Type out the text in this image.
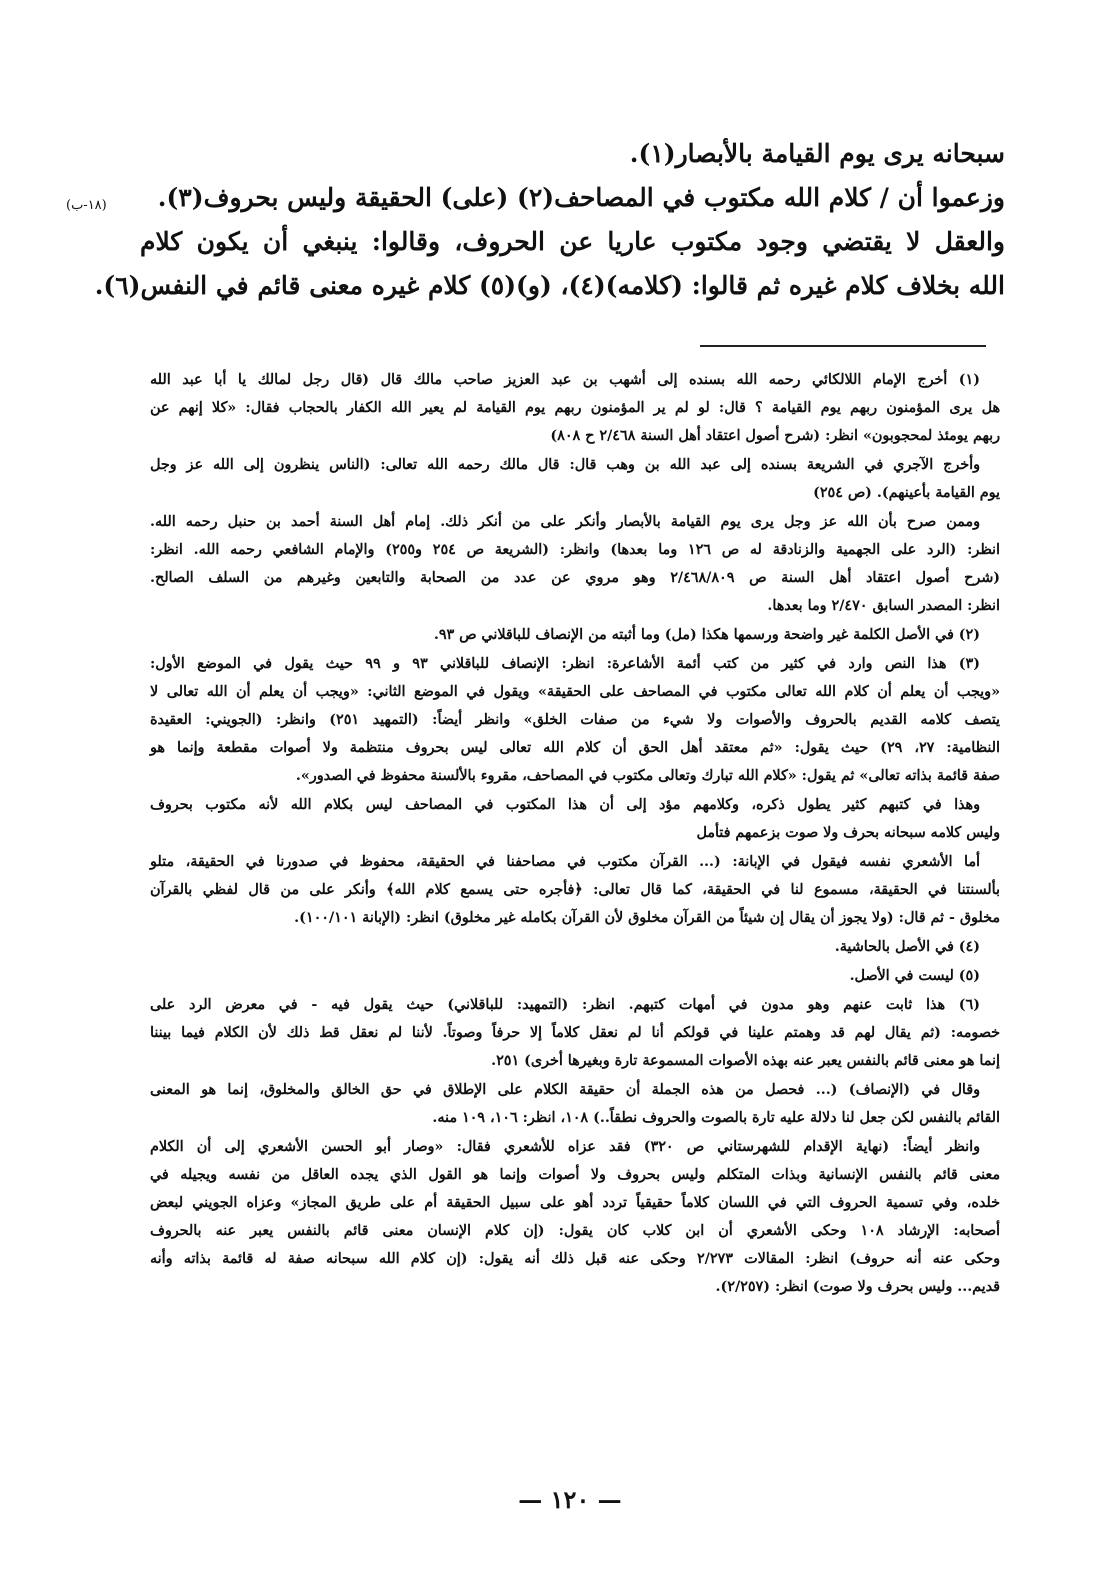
سبحانه يرى يوم القيامة بالأبصار(١).
وزعموا أن / كلام الله مكتوب في المصاحف(٢) (على) الحقيقة وليس بحروف(٣).
والعقل لا يقتضي وجود مكتوب عاريا عن الحروف، وقالوا: ينبغي أن يكون كلام
الله بخلاف كلام غيره ثم قالوا: (كلامه)(٤)، (و)(٥) كلام غيره معنى قائم في النفس(٦).
(١٨-ب)
(١) أخرج الإمام اللالكائي رحمه الله بسنده إلى أشهب بن عبد العزيز صاحب مالك قال (قال رجل لمالك يا أبا عبد الله
هل يرى المؤمنون ربهم يوم القيامة ؟ قال: لو لم ير المؤمنون ربهم يوم القيامة لم يعير الله الكفار بالحجاب فقال: «كلا إنهم عن
ربهم يومئذ لمحجوبون» انظر: (شرح أصول اعتقاد أهل السنة ٢/٤٦٨ ح ٨٠٨)
وأخرج الآجري في الشريعة بسنده إلى عبد الله بن وهب قال: قال مالك رحمه الله تعالى: (الناس ينظرون إلى الله عز وجل
يوم القيامة بأعينهم). (ص ٢٥٤)
وممن صرح بأن الله عز وجل يرى يوم القيامة بالأبصار وأنكر على من أنكر ذلك. إمام أهل السنة أحمد بن حنبل رحمه الله.
انظر: (الرد على الجهمية والزنادقة له ص ١٢٦ وما بعدها) وانظر: (الشريعة ص ٢٥٤ و٢٥٥) والإمام الشافعي رحمه الله. انظر:
(شرح أصول اعتقاد أهل السنة ص ٢/٤٦٨/٨٠٩ وهو مروي عن عدد من الصحابة والتابعين وغيرهم من السلف الصالح.
انظر: المصدر السابق ٢/٤٧٠ وما بعدها.
(٢) في الأصل الكلمة غير واضحة ورسمها هكذا (مل) وما أثبته من الإنصاف للباقلاني ص ٩٣.
(٣) هذا النص وارد في كثير من كتب أئمة الأشاعرة: انظر: الإنصاف للباقلاني ٩٣ و ٩٩ حيث يقول في الموضع الأول:
«ويجب أن يعلم أن كلام الله تعالى مكتوب في المصاحف على الحقيقة» ويقول في الموضع الثاني: «ويجب أن يعلم أن الله تعالى لا
يتصف كلامه القديم بالحروف والأصوات ولا شيء من صفات الخلق» وانظر أيضاً: (التمهيد ٢٥١) وانظر: (الجويني: العقيدة
النظامية: ٢٧، ٢٩) حيث يقول: «ثم معتقد أهل الحق أن كلام الله تعالى ليس بحروف منتظمة ولا أصوات مقطعة وإنما هو
صفة قائمة بذاته تعالى» ثم يقول: «كلام الله تبارك وتعالى مكتوب في المصاحف، مقروء بالألسنة محفوظ في الصدور».
وهذا في كتبهم كثير يطول ذكره، وكلامهم مؤد إلى أن هذا المكتوب في المصاحف ليس بكلام الله لأنه مكتوب بحروف
وليس كلامه سبحانه بحرف ولا صوت بزعمهم فتأمل
أما الأشعري نفسه فيقول في الإبانة: (... القرآن مكتوب في مصاحفنا في الحقيقة، محفوظ في صدورنا في الحقيقة، متلو
بألسنتنا في الحقيقة، مسموع لنا في الحقيقة، كما قال تعالى: ﴿فأجره حتى يسمع كلام الله﴾ وأنكر على من قال لفظي بالقرآن
مخلوق - ثم قال: (ولا يجوز أن يقال إن شيئاً من القرآن مخلوق لأن القرآن بكامله غير مخلوق) انظر: (الإبانة ١٠٠/١٠١).
(٤) في الأصل بالحاشية.
(٥) ليست في الأصل.
(٦) هذا ثابت عنهم وهو مدون في أمهات كتبهم. انظر: (التمهيد: للباقلاني) حيث يقول فيه - في معرض الرد على
خصومه: (ثم يقال لهم قد وهمتم علينا في قولكم أنا لم نعقل كلاماً إلا حرفاً وصوتاً. لأننا لم نعقل قط ذلك لأن الكلام فيما بيننا
إنما هو معنى قائم بالنفس يعبر عنه بهذه الأصوات المسموعة تارة وبغيرها أخرى) ٢٥١.
وقال في (الإنصاف) (... فحصل من هذه الجملة أن حقيقة الكلام على الإطلاق في حق الخالق والمخلوق، إنما هو المعنى
القائم بالنفس لكن جعل لنا دلالة عليه تارة بالصوت والحروف نطقاً..) ١٠٨، انظر: ١٠٦، ١٠٩ منه.
وانظر أيضاً: (نهاية الإقدام للشهرستاني ص ٣٢٠) فقد عزاه للأشعري فقال: «وصار أبو الحسن الأشعري إلى أن الكلام
معنى قائم بالنفس الإنسانية وبذات المتكلم وليس بحروف ولا أصوات وإنما هو القول الذي يجده العاقل من نفسه ويجيله في
خلده، وفي تسمية الحروف التي في اللسان كلاماً حقيقياً تردد أهو على سبيل الحقيقة أم على طريق المجاز» وعزاه الجويني لبعض
أصحابه: الإرشاد ١٠٨ وحكى الأشعري أن ابن كلاب كان يقول: (إن كلام الإنسان معنى قائم بالنفس يعبر عنه بالحروف
وحكى عنه أنه حروف) انظر: المقالات ٢/٢٧٣ وحكى عنه قبل ذلك أنه يقول: (إن كلام الله سبحانه صفة له قائمة بذاته وأنه
قديم... وليس بحرف ولا صوت) انظر: (٢/٢٥٧).
— ١٢٠ —
